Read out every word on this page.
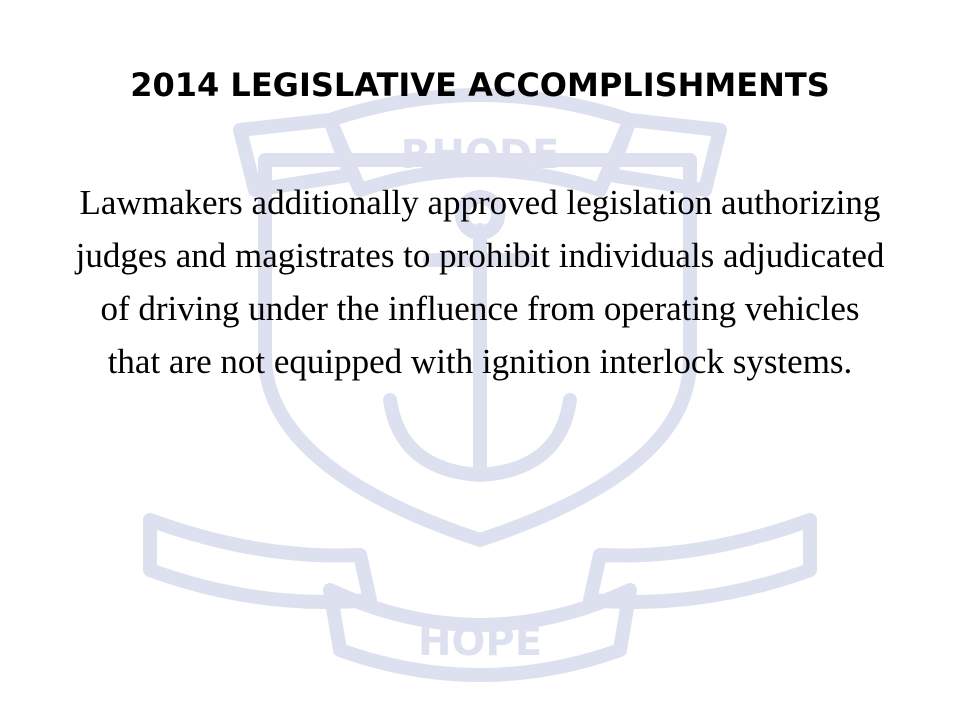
RHODE
HOPE
2014 LEGISLATIVE ACCOMPLISHMENTS

Lawmakers additionally approved legislation authorizing judges and magistrates to prohibit individuals adjudicated of driving under the influence from operating vehicles that are not equipped with ignition interlock systems.
